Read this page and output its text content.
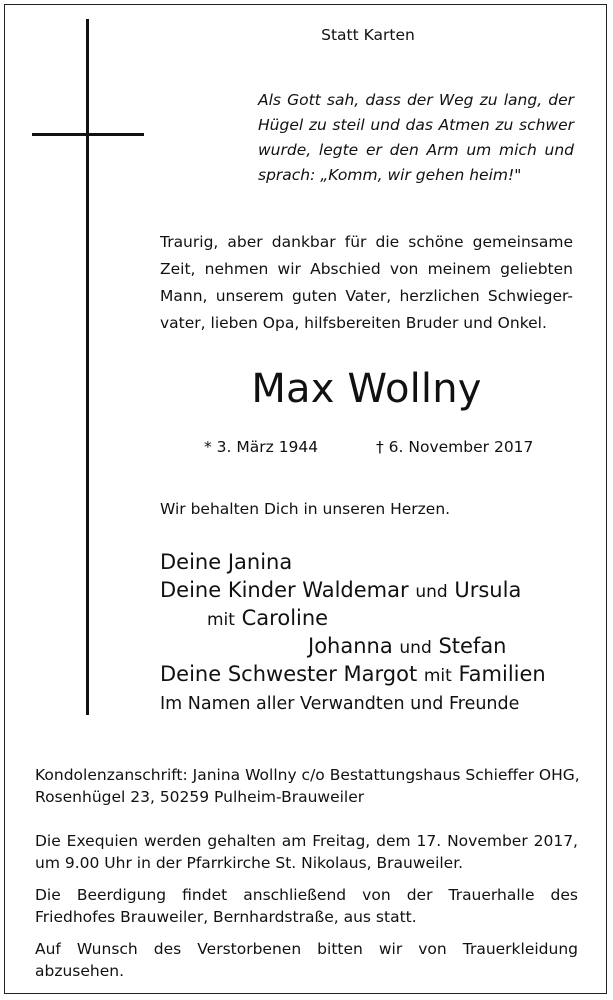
Statt Karten
Als Gott sah, dass der Weg zu lang, der
Hügel zu steil und das Atmen zu schwer
wurde, legte er den Arm um mich und
sprach: „Komm, wir gehen heim!"
Traurig, aber dankbar für die schöne gemeinsame
Zeit, nehmen wir Abschied von meinem geliebten
Mann, unserem guten Vater, herzlichen Schwieger-
vater, lieben Opa, hilfsbereiten Bruder und Onkel.
Max Wollny
* 3. März 1944	† 6. November 2017
Wir behalten Dich in unseren Herzen.
Deine Janina
Deine Kinder Waldemar und Ursula
mit Caroline
Johanna und Stefan
Deine Schwester Margot mit Familien
Im Namen aller Verwandten und Freunde
Kondolenzanschrift: Janina Wollny c/o Bestattungshaus Schieffer OHG,
Rosenhügel 23, 50259 Pulheim-Brauweiler
Die Exequien werden gehalten am Freitag, dem 17. November 2017,
um 9.00 Uhr in der Pfarrkirche St. Nikolaus, Brauweiler.
Die Beerdigung findet anschließend von der Trauerhalle des
Friedhofes Brauweiler, Bernhardstraße, aus statt.
Auf Wunsch des Verstorbenen bitten wir von Trauerkleidung
abzusehen.
